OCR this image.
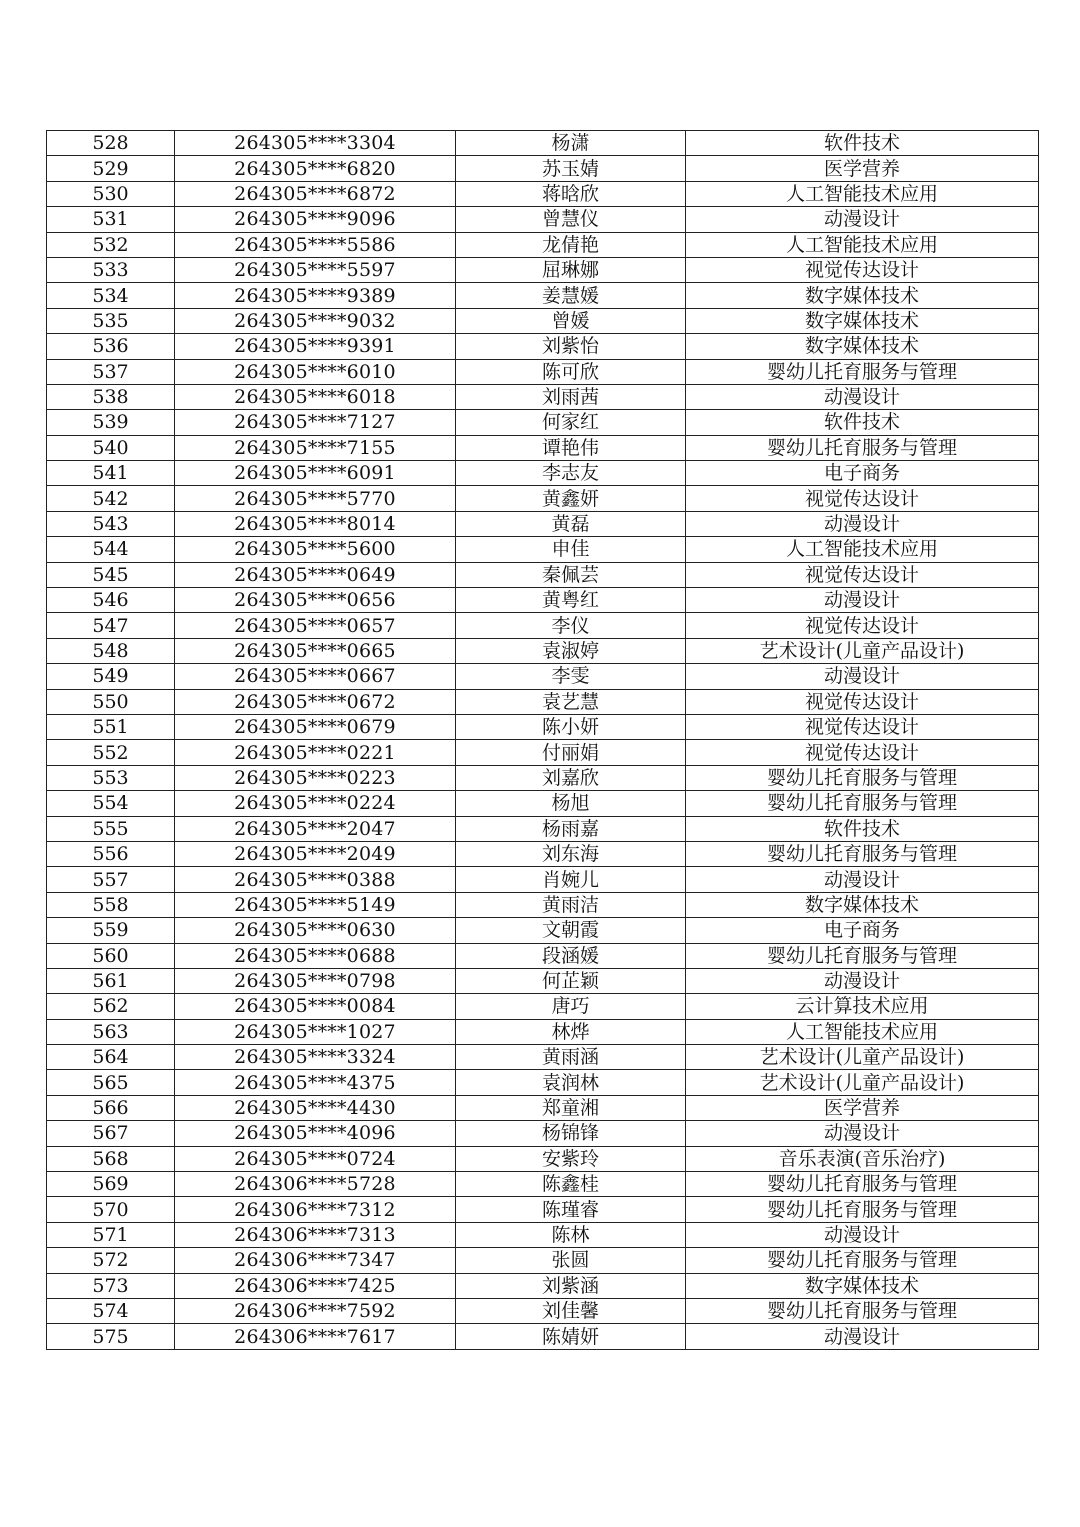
528	264305****3304	杨潇	软件技术
529	264305****6820	苏玉婧	医学营养
530	264305****6872	蒋晗欣	人工智能技术应用
531	264305****9096	曾慧仪	动漫设计
532	264305****5586	龙倩艳	人工智能技术应用
533	264305****5597	屈琳娜	视觉传达设计
534	264305****9389	姜慧媛	数字媒体技术
535	264305****9032	曾媛	数字媒体技术
536	264305****9391	刘紫怡	数字媒体技术
537	264305****6010	陈可欣	婴幼儿托育服务与管理
538	264305****6018	刘雨茜	动漫设计
539	264305****7127	何家红	软件技术
540	264305****7155	谭艳伟	婴幼儿托育服务与管理
541	264305****6091	李志友	电子商务
542	264305****5770	黄鑫妍	视觉传达设计
543	264305****8014	黄磊	动漫设计
544	264305****5600	申佳	人工智能技术应用
545	264305****0649	秦佩芸	视觉传达设计
546	264305****0656	黄粤红	动漫设计
547	264305****0657	李仪	视觉传达设计
548	264305****0665	袁淑婷	艺术设计(儿童产品设计)
549	264305****0667	李雯	动漫设计
550	264305****0672	袁艺慧	视觉传达设计
551	264305****0679	陈小妍	视觉传达设计
552	264305****0221	付丽娟	视觉传达设计
553	264305****0223	刘嘉欣	婴幼儿托育服务与管理
554	264305****0224	杨旭	婴幼儿托育服务与管理
555	264305****2047	杨雨嘉	软件技术
556	264305****2049	刘东海	婴幼儿托育服务与管理
557	264305****0388	肖婉儿	动漫设计
558	264305****5149	黄雨洁	数字媒体技术
559	264305****0630	文朝霞	电子商务
560	264305****0688	段涵媛	婴幼儿托育服务与管理
561	264305****0798	何芷颖	动漫设计
562	264305****0084	唐巧	云计算技术应用
563	264305****1027	林烨	人工智能技术应用
564	264305****3324	黄雨涵	艺术设计(儿童产品设计)
565	264305****4375	袁润林	艺术设计(儿童产品设计)
566	264305****4430	郑童湘	医学营养
567	264305****4096	杨锦锋	动漫设计
568	264305****0724	安紫玲	音乐表演(音乐治疗)
569	264306****5728	陈鑫桂	婴幼儿托育服务与管理
570	264306****7312	陈瑾睿	婴幼儿托育服务与管理
571	264306****7313	陈林	动漫设计
572	264306****7347	张圆	婴幼儿托育服务与管理
573	264306****7425	刘紫涵	数字媒体技术
574	264306****7592	刘佳馨	婴幼儿托育服务与管理
575	264306****7617	陈婧妍	动漫设计
